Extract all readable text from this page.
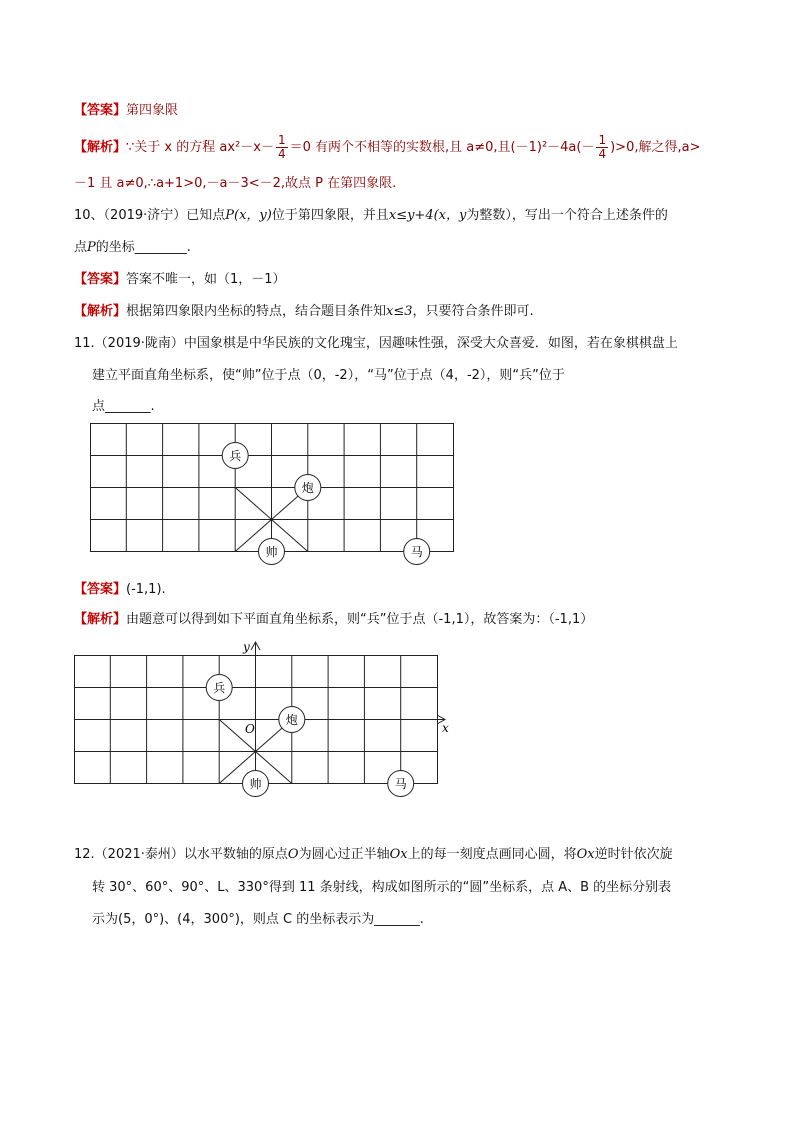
【答案】第四象限
【解析】∵关于 x 的方程 $ax^2-x- \frac{1}{4} =0$ 有两个不相等的实数根,且 a≠0,且$(-1)^2-4a(- \frac{1}{4} )>0$,解之得,a>
－1 且 a≠0,∴a+1>0,－a－3<－2,故点 P 在第四象限.
10、（2019·济宁）已知点P(x，y)位于第四象限，并且x≤y+4(x，y为整数），写出一个符合上述条件的
点P的坐标________.
【答案】答案不唯一，如（1，－1）
【解析】根据第四象限内坐标的特点，结合题目条件知x≤3，只要符合条件即可.
11.（2019·陇南）中国象棋是中华民族的文化瑰宝，因趣味性强，深受大众喜爱．如图，若在象棋棋盘上
建立平面直角坐标系，使“帅”位于点（0，-2），“马”位于点（4，-2），则“兵”位于
点_______.
兵
炮
帅	马
【答案】(-1,1).
【解析】由题意可以得到如下平面直角坐标系，则“兵”位于点（-1,1），故答案为：（-1,1）
x
y
O
兵
炮
帅	马
12.（2021·泰州）以水平数轴的原点O为圆心过正半轴Ox上的每一刻度点画同心圆，将Ox逆时针依次旋
转 30°、60°、90°、L、330°得到 11 条射线，构成如图所示的“圆”坐标系，点 A、B 的坐标分别表
示为(5，0°)、(4，300°)，则点 C 的坐标表示为_______.
